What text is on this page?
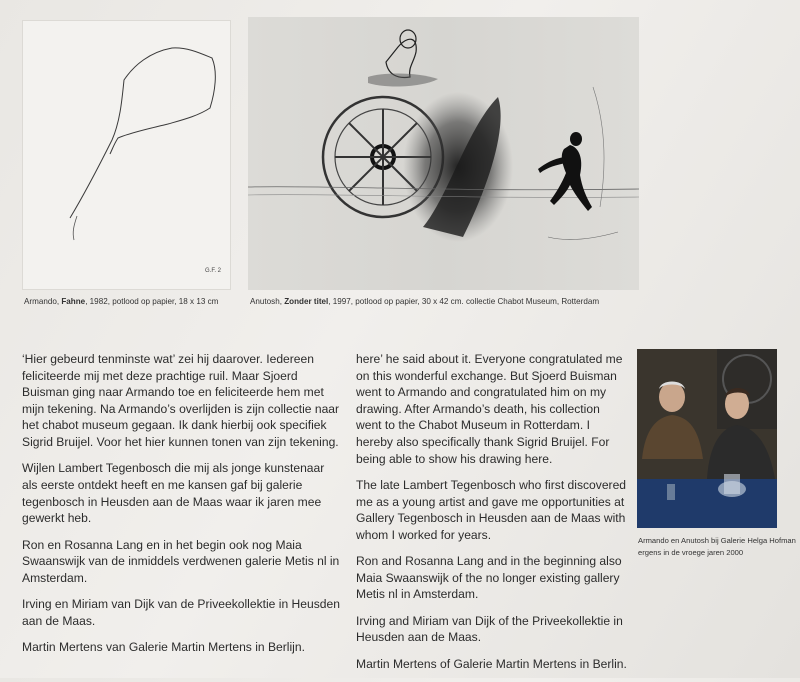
G.F. 2
Armando, Fahne, 1982, potlood op papier, 18 x 13 cm	Anutosh, Zonder titel, 1997, potlood op papier, 30 x 42 cm. collectie Chabot Museum, Rotterdam

‘Hier gebeurd tenminste wat’ zei hij daarover. Iedereen feliciteerde mij met deze prachtige ruil. Maar Sjoerd Buisman ging naar Armando toe en feliciteerde hem met mijn tekening. Na Armando’s overlijden is zijn collectie naar het chabot museum gegaan. Ik dank hierbij ook specifiek Sigrid Bruijel. Voor het hier kunnen tonen van zijn tekening.

Wijlen Lambert Tegenbosch die mij als jonge kunstenaar als eerste ontdekt heeft en me kansen gaf bij galerie tegenbosch in Heusden aan de Maas waar ik jaren mee gewerkt heb.

Ron en Rosanna Lang en in het begin ook nog Maia Swaanswijk van de inmiddels verdwenen galerie Metis nl in Amsterdam.

Irving en Miriam van Dijk van de Priveekollektie in Heusden aan de Maas.

Martin Mertens van Galerie Martin Mertens in Berlijn.

here’ he said about it. Everyone congratulated me on this wonderful exchange. But Sjoerd Buisman went to Armando and congratulated him on my drawing. After Armando’s death, his collection went to the Chabot Museum in Rotterdam. I hereby also specifically thank Sigrid Bruijel. For being able to show his drawing here.

The late Lambert Tegenbosch who first discovered me as a young artist and gave me opportunities at Gallery Tegenbosch in Heusden aan de Maas with whom I worked for years.

Ron and Rosanna Lang and in the beginning also Maia Swaanswijk of the no longer existing gallery Metis nl in Amsterdam.

Irving and Miriam van Dijk of the Priveekollektie in Heusden aan de Maas.

Martin Mertens of Galerie Martin Mertens in Berlin.

Armando en Anutosh bij Galerie Helga Hofman
ergens in de vroege jaren 2000
